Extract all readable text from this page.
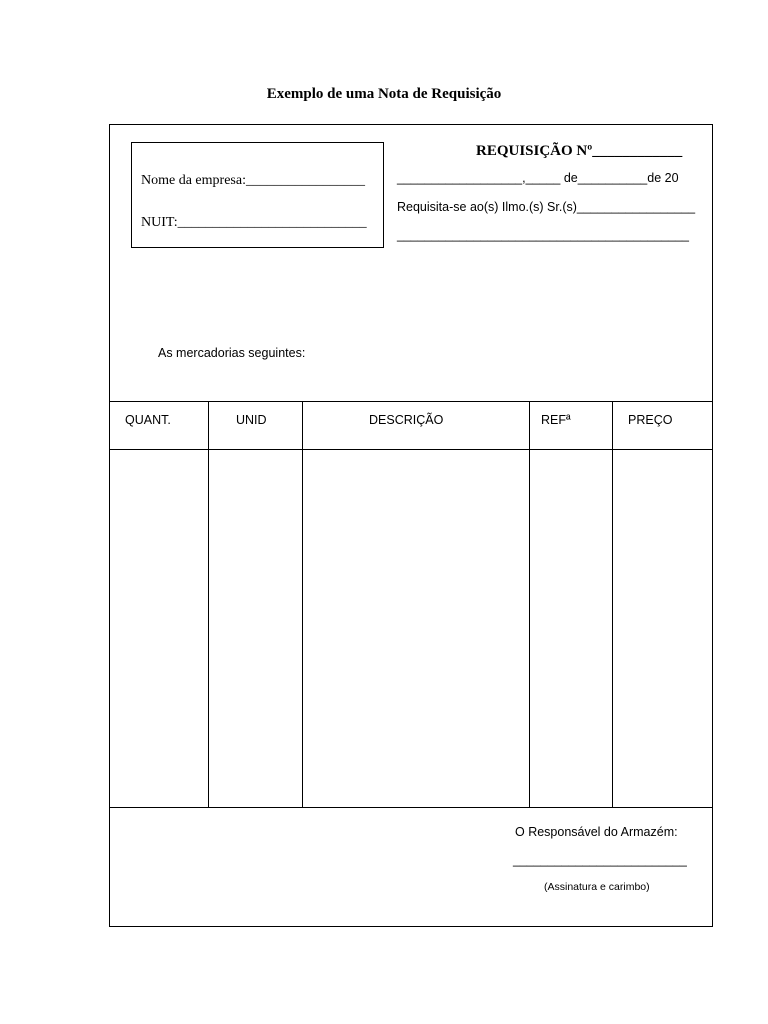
Exemplo de uma Nota de Requisição
Nome da empresa:_________________
NUIT:___________________________
REQUISIÇÃO Nº____________
__________________,_____ de__________de 20
Requisita-se ao(s) Ilmo.(s) Sr.(s)_________________
__________________________________________
As mercadorias seguintes:
QUANT.	UNID	DESCRIÇÃO	REFª	PREÇO
O Responsável do Armazém:
_________________________
(Assinatura e carimbo)
